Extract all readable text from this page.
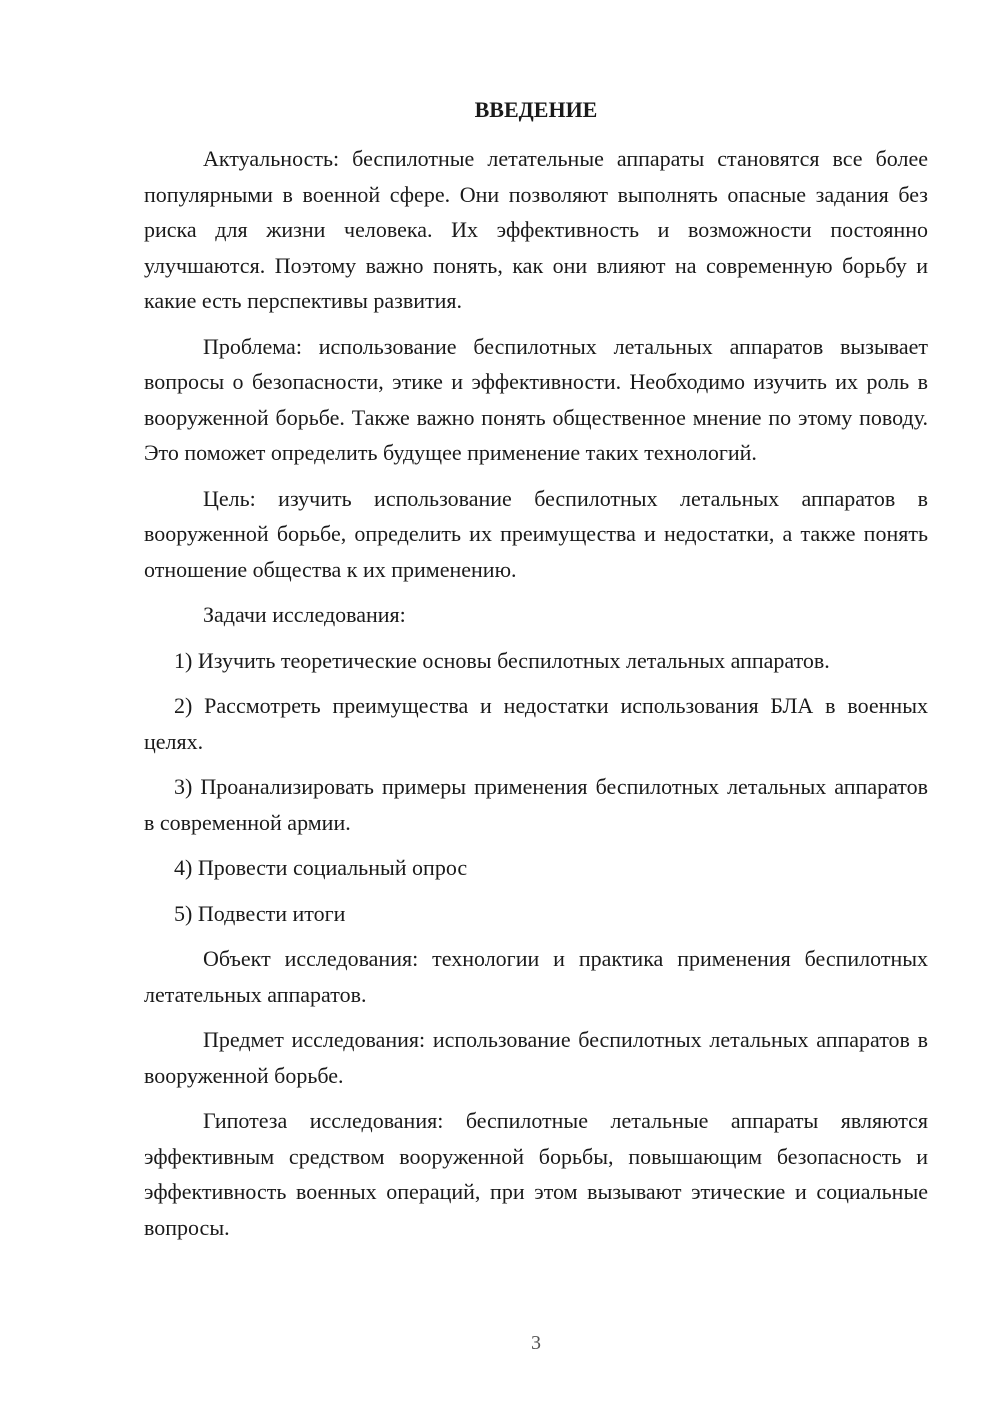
ВВЕДЕНИЕ

Актуальность: беспилотные летательные аппараты становятся все более популярными в военной сфере. Они позволяют выполнять опасные задания без риска для жизни человека. Их эффективность и возможности постоянно улучшаются. Поэтому важно понять, как они влияют на современную борьбу и какие есть перспективы развития.

Проблема: использование беспилотных летальных аппаратов вызывает вопросы о безопасности, этике и эффективности. Необходимо изучить их роль в вооруженной борьбе. Также важно понять общественное мнение по этому поводу. Это поможет определить будущее применение таких технологий.

Цель: изучить использование беспилотных летальных аппаратов в вооруженной борьбе, определить их преимущества и недостатки, а также понять отношение общества к их применению.

Задачи исследования:

1) Изучить теоретические основы беспилотных летальных аппаратов.

2) Рассмотреть преимущества и недостатки использования БЛА в военных целях.

3) Проанализировать примеры применения беспилотных летальных аппаратов в современной армии.

4) Провести социальный опрос

5) Подвести итоги

Объект исследования: технологии и практика применения беспилотных летательных аппаратов.

Предмет исследования: использование беспилотных летальных аппаратов в вооруженной борьбе.

Гипотеза исследования: беспилотные летальные аппараты являются эффективным средством вооруженной борьбы, повышающим безопасность и эффективность военных операций, при этом вызывают этические и социальные вопросы.

3
